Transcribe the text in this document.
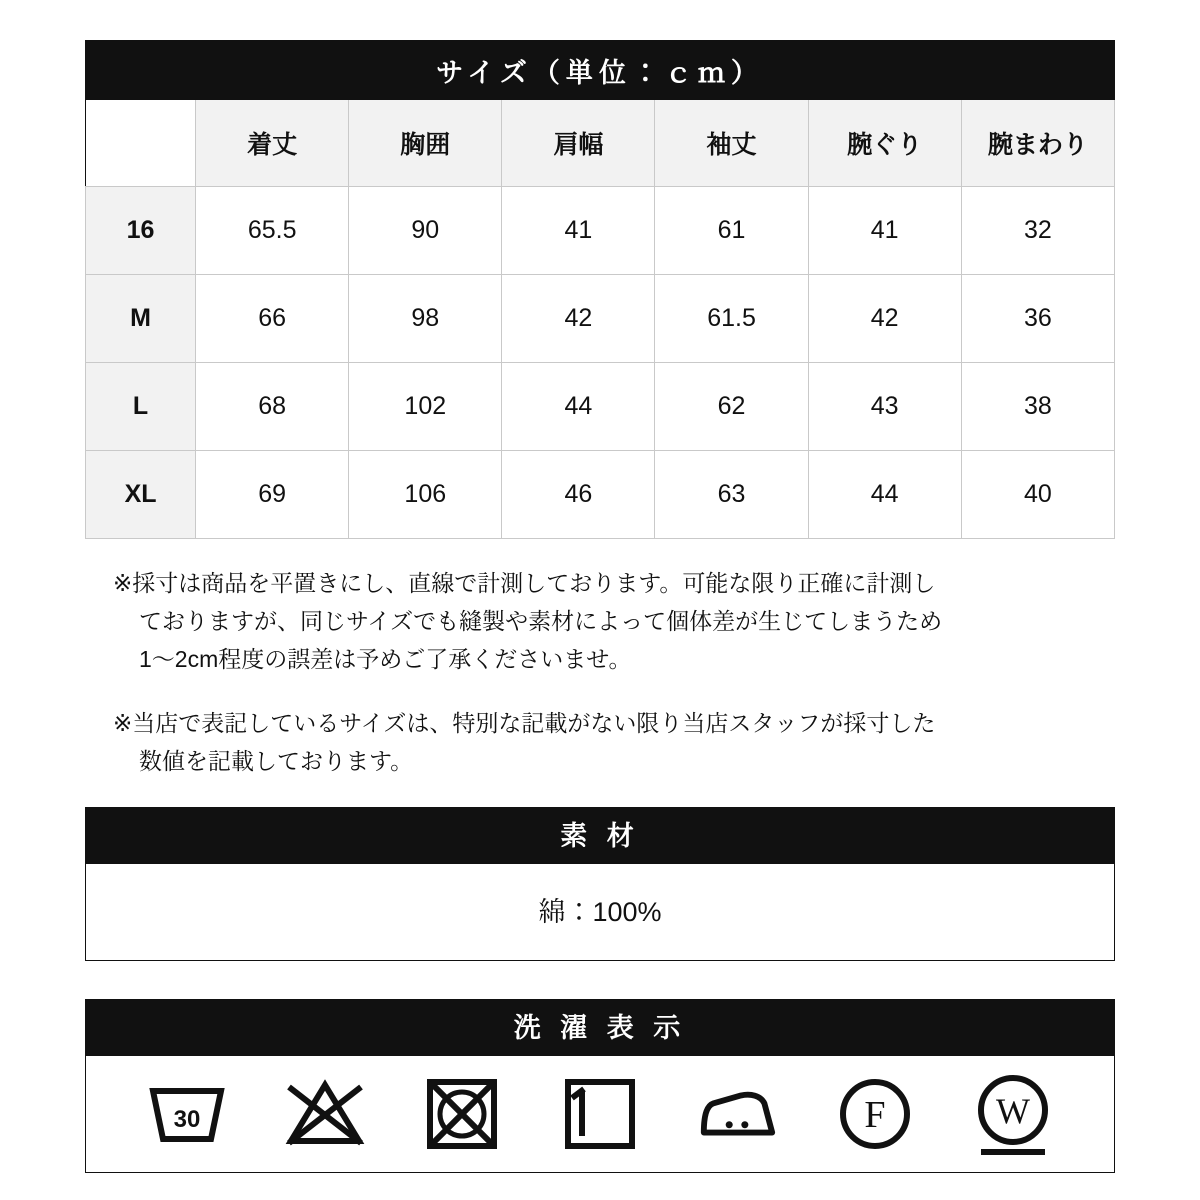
サイズ（単位：ｃｍ）						
	着丈	胸囲	肩幅	袖丈	腕ぐり	腕まわり
16	65.5	90	41	61	41	32
M	66	98	42	61.5	42	36
L	68	102	44	62	43	38
XL	69	106	46	63	44	40

※採寸は商品を平置きにし、直線で計測しております。可能な限り正確に計測し
ておりますが、同じサイズでも縫製や素材によって個体差が生じてしまうため
1〜2cm程度の誤差は予めご了承くださいませ。

※当店で表記しているサイズは、特別な記載がない限り当店スタッフが採寸した
数値を記載しております。

素 材
綿：100%
洗 濯 表 示
30	F	W
